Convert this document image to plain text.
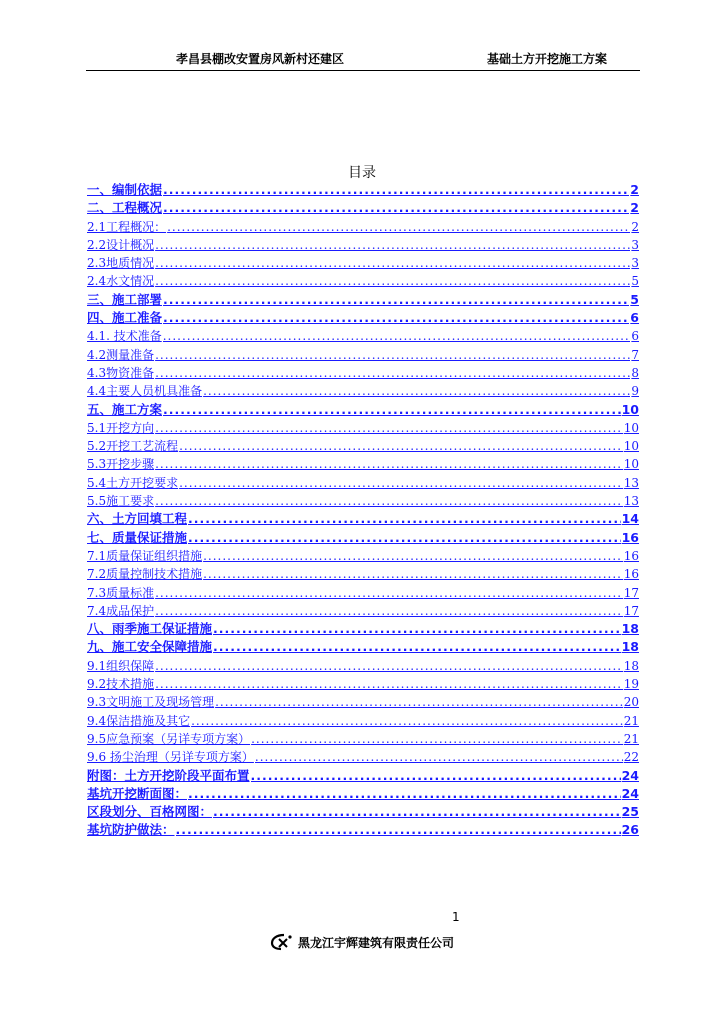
孝昌县棚改安置房风新村还建区	基础土方开挖施工方案
目录
一、编制依据 .....	2
二、工程概况 .....	2
2.1工程概况： .....	2
2.2设计概况 .....	3
2.3地质情况 .....	3
2.4水文情况 .....	5
三、施工部署 .....	5
四、施工准备 .....	6
4.1. 技术准备 .....	6
4.2测量准备 .....	7
4.3物资准备 .....	8
4.4主要人员机具准备 .....	9
五、施工方案 .....	10
5.1开挖方向 .....	10
5.2开挖工艺流程 .....	10
5.3开挖步骤 .....	10
5.4土方开挖要求 .....	13
5.5施工要求 .....	13
六、土方回填工程 .....	14
七、质量保证措施 .....	16
7.1质量保证组织措施 .....	16
7.2质量控制技术措施 .....	16
7.3质量标准 .....	17
7.4成品保护 .....	17
八、雨季施工保证措施 .....	18
九、施工安全保障措施 .....	18
9.1组织保障 .....	18
9.2技术措施 .....	19
9.3文明施工及现场管理 .....	20
9.4保洁措施及其它 .....	21
9.5应急预案（另详专项方案） .....	21
9.6 扬尘治理（另详专项方案） .....	22
附图：土方开挖阶段平面布置 .....	24
基坑开挖断面图： .....	24
区段划分、百格网图： .....	25
基坑防护做法： .....	26
1
黑龙江宇辉建筑有限责任公司
